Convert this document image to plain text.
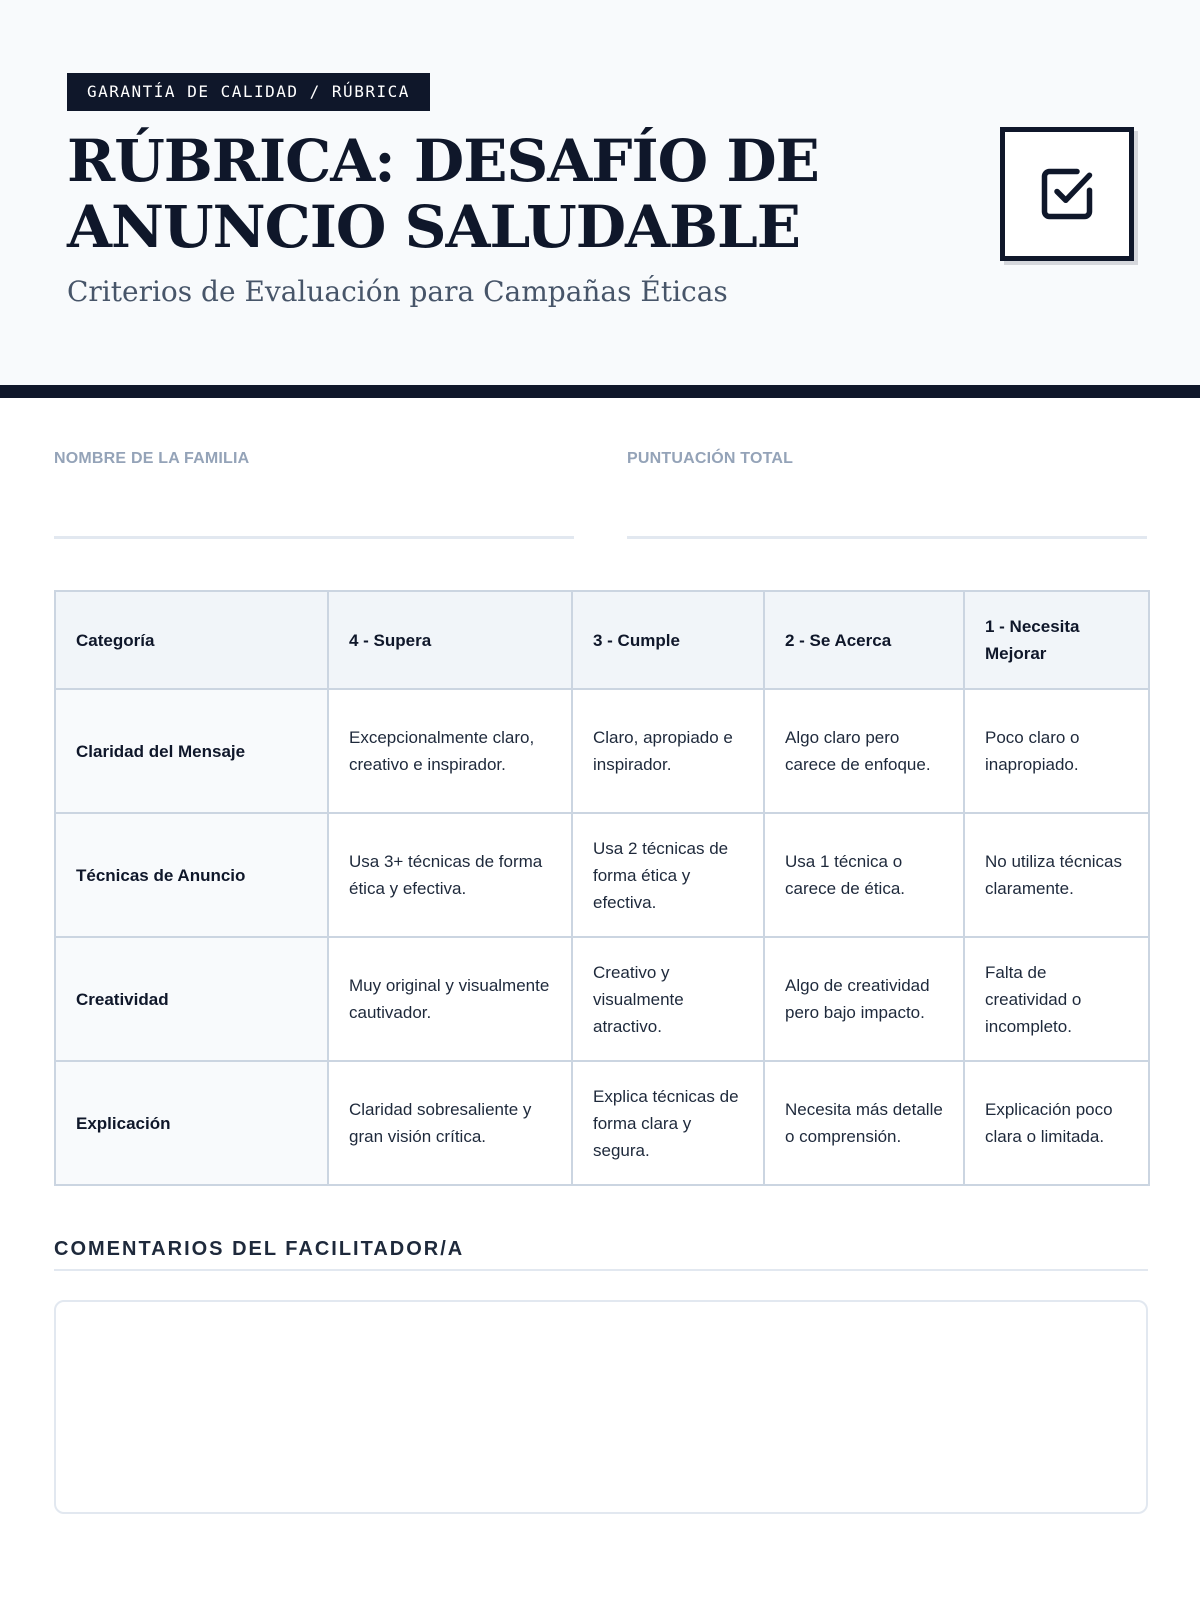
GARANTÍA DE CALIDAD / RÚBRICA
RÚBRICA: DESAFÍO DE
ANUNCIO SALUDABLE
Criterios de Evaluación para Campañas Éticas
NOMBRE DE LA FAMILIA	PUNTUACIÓN TOTAL
Categoría	4 - Supera	3 - Cumple	2 - Se Acerca	1 - Necesita Mejorar
Claridad del Mensaje	Excepcionalmente claro, creativo e inspirador.	Claro, apropiado e inspirador.	Algo claro pero carece de enfoque.	Poco claro o inapropiado.
Técnicas de Anuncio	Usa 3+ técnicas de forma ética y efectiva.	Usa 2 técnicas de forma ética y efectiva.	Usa 1 técnica o carece de ética.	No utiliza técnicas claramente.
Creatividad	Muy original y visualmente cautivador.	Creativo y visualmente atractivo.	Algo de creatividad pero bajo impacto.	Falta de creatividad o incompleto.
Explicación	Claridad sobresaliente y gran visión crítica.	Explica técnicas de forma clara y segura.	Necesita más detalle o comprensión.	Explicación poco clara o limitada.
COMENTARIOS DEL FACILITADOR/A
